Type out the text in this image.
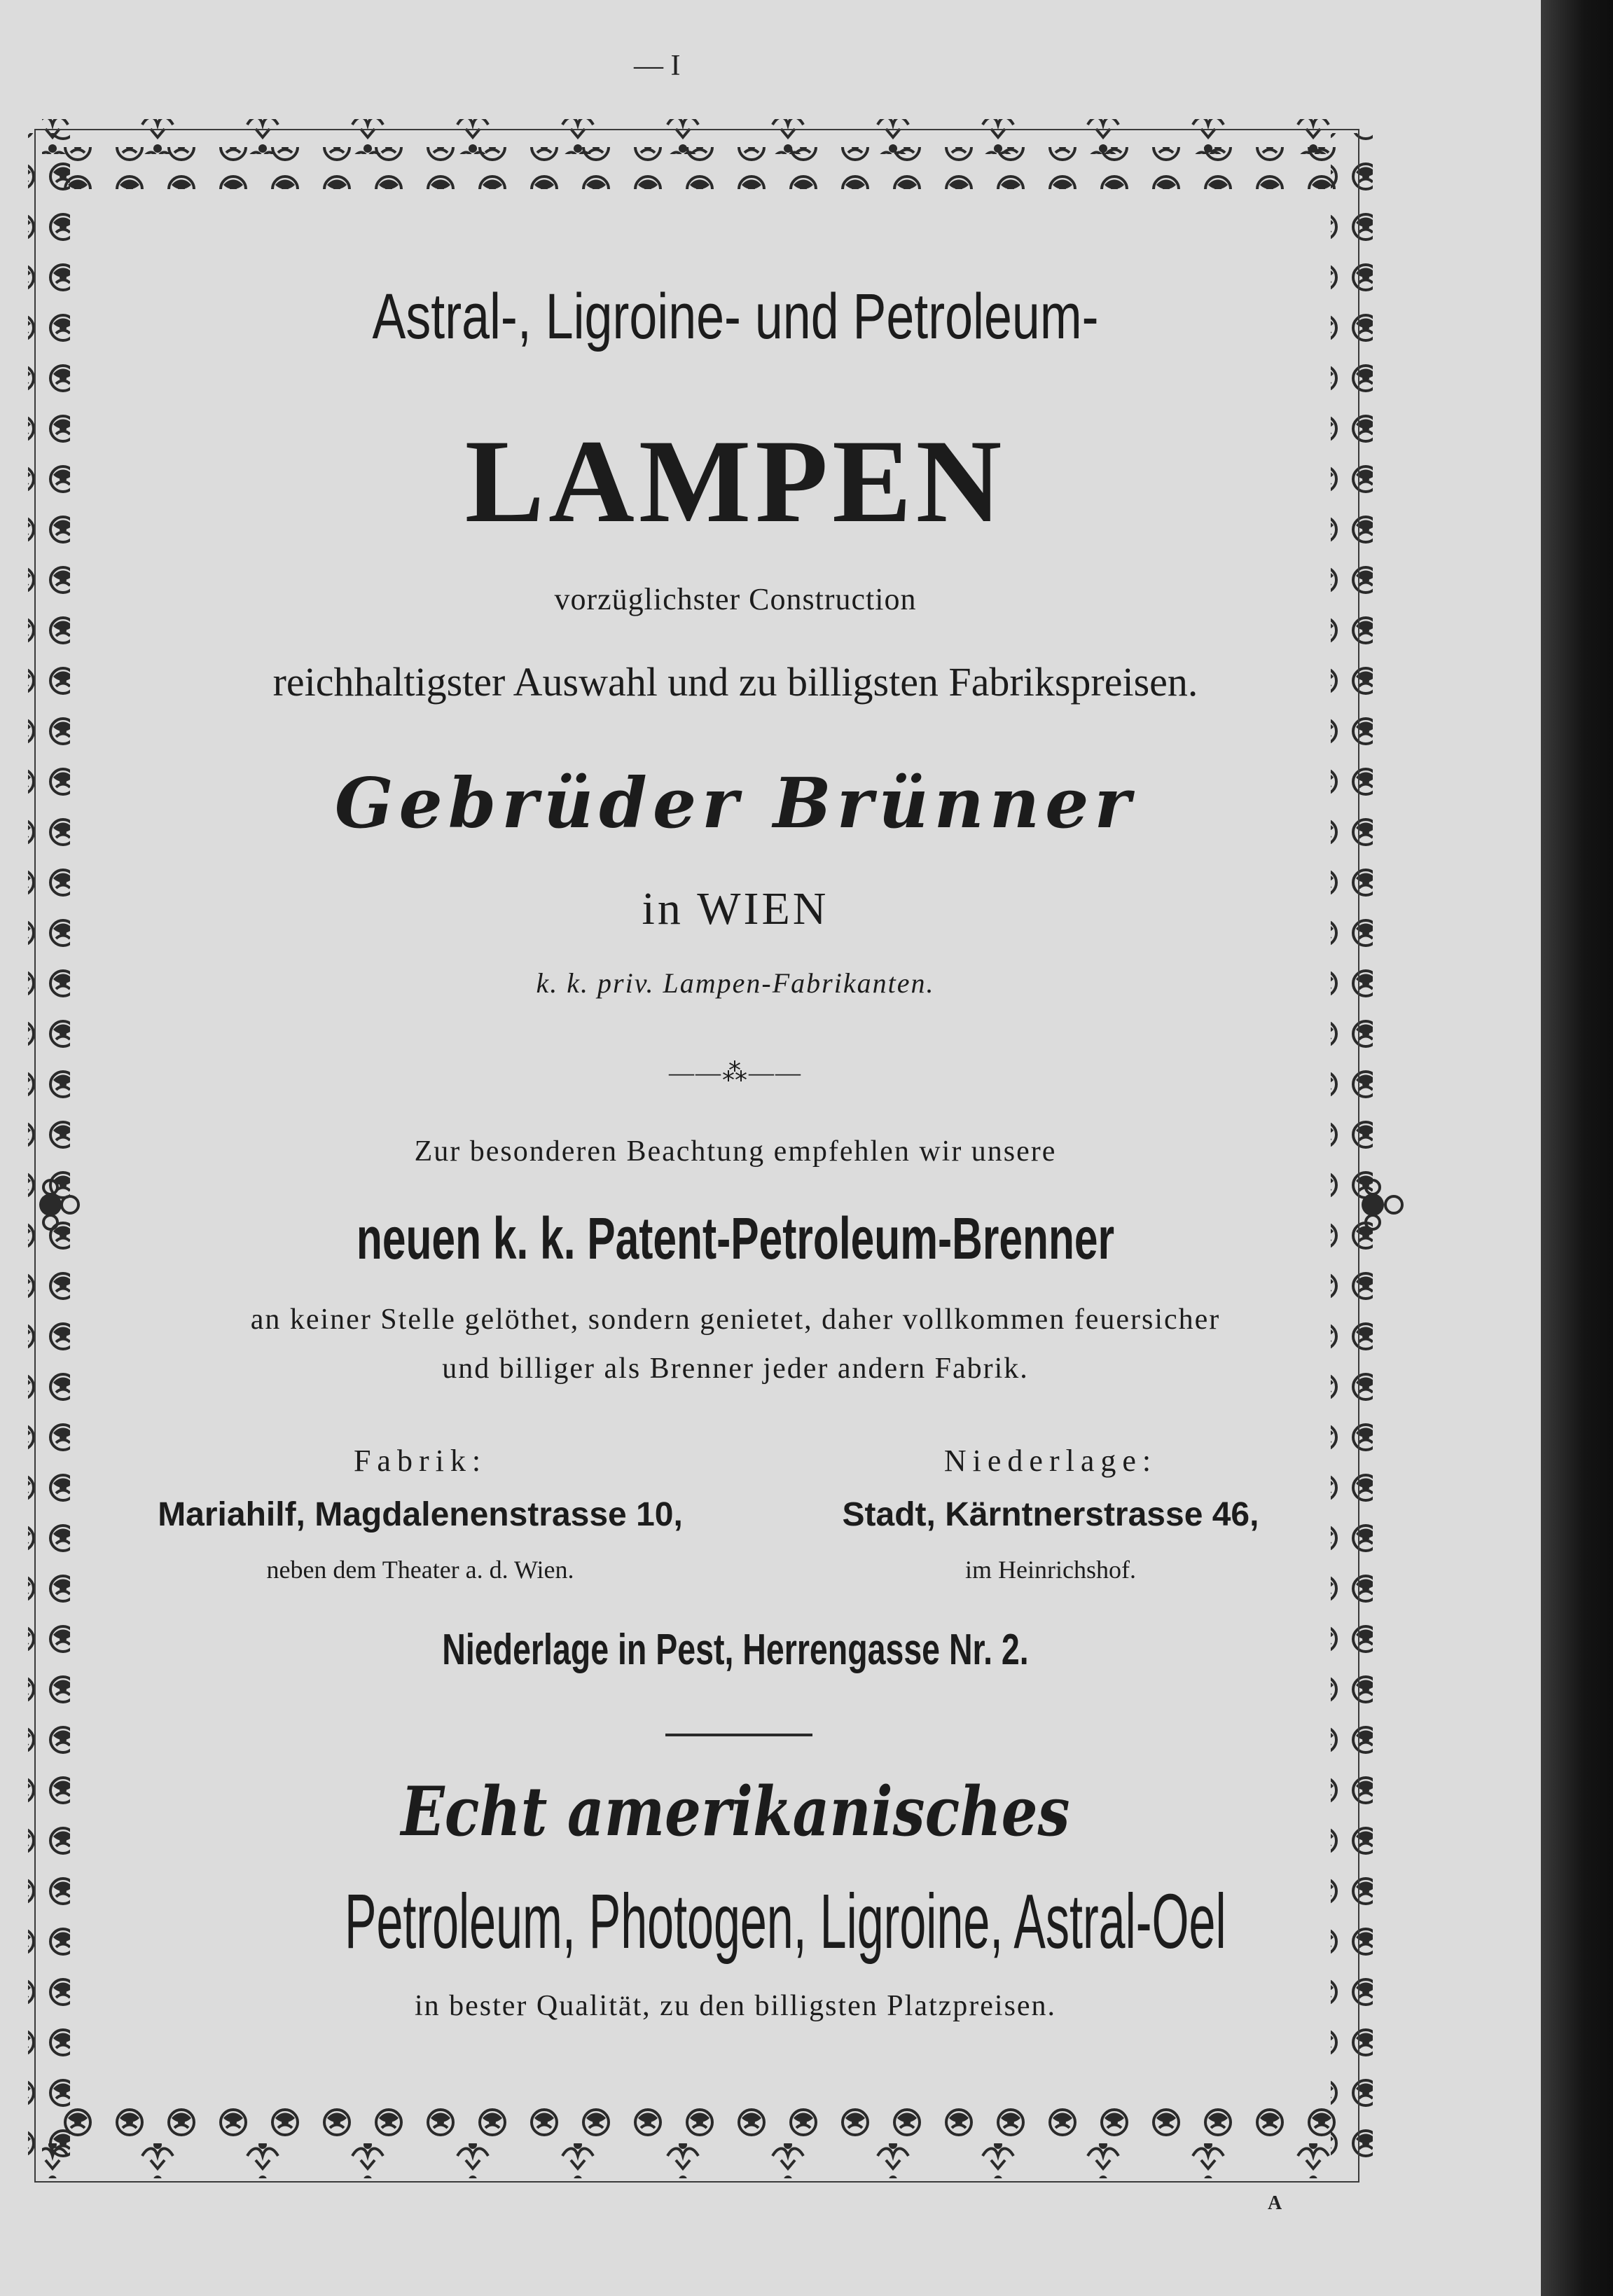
— I
Astral-, Ligroine- und Petroleum-
LAMPEN
vorzüglichster Construction
reichhaltigster Auswahl und zu billigsten Fabrikspreisen.
Gebrüder Brünner
in WIEN
k. k. priv. Lampen-Fabrikanten.
——⁂——
Zur besonderen Beachtung empfehlen wir unsere
neuen k. k. Patent-Petroleum-Brenner
an keiner Stelle gelöthet, sondern genietet, daher vollkommen feuersicher
und billiger als Brenner jeder andern Fabrik.
Fabrik:
Mariahilf, Magdalenenstrasse 10,
neben dem Theater a. d. Wien.
Niederlage:
Stadt, Kärntnerstrasse 46,
im Heinrichshof.
Niederlage in Pest, Herrengasse Nr. 2.
Echt amerikanisches
Petroleum, Photogen, Ligroine, Astral-Oel
in bester Qualität, zu den billigsten Platzpreisen.
A
